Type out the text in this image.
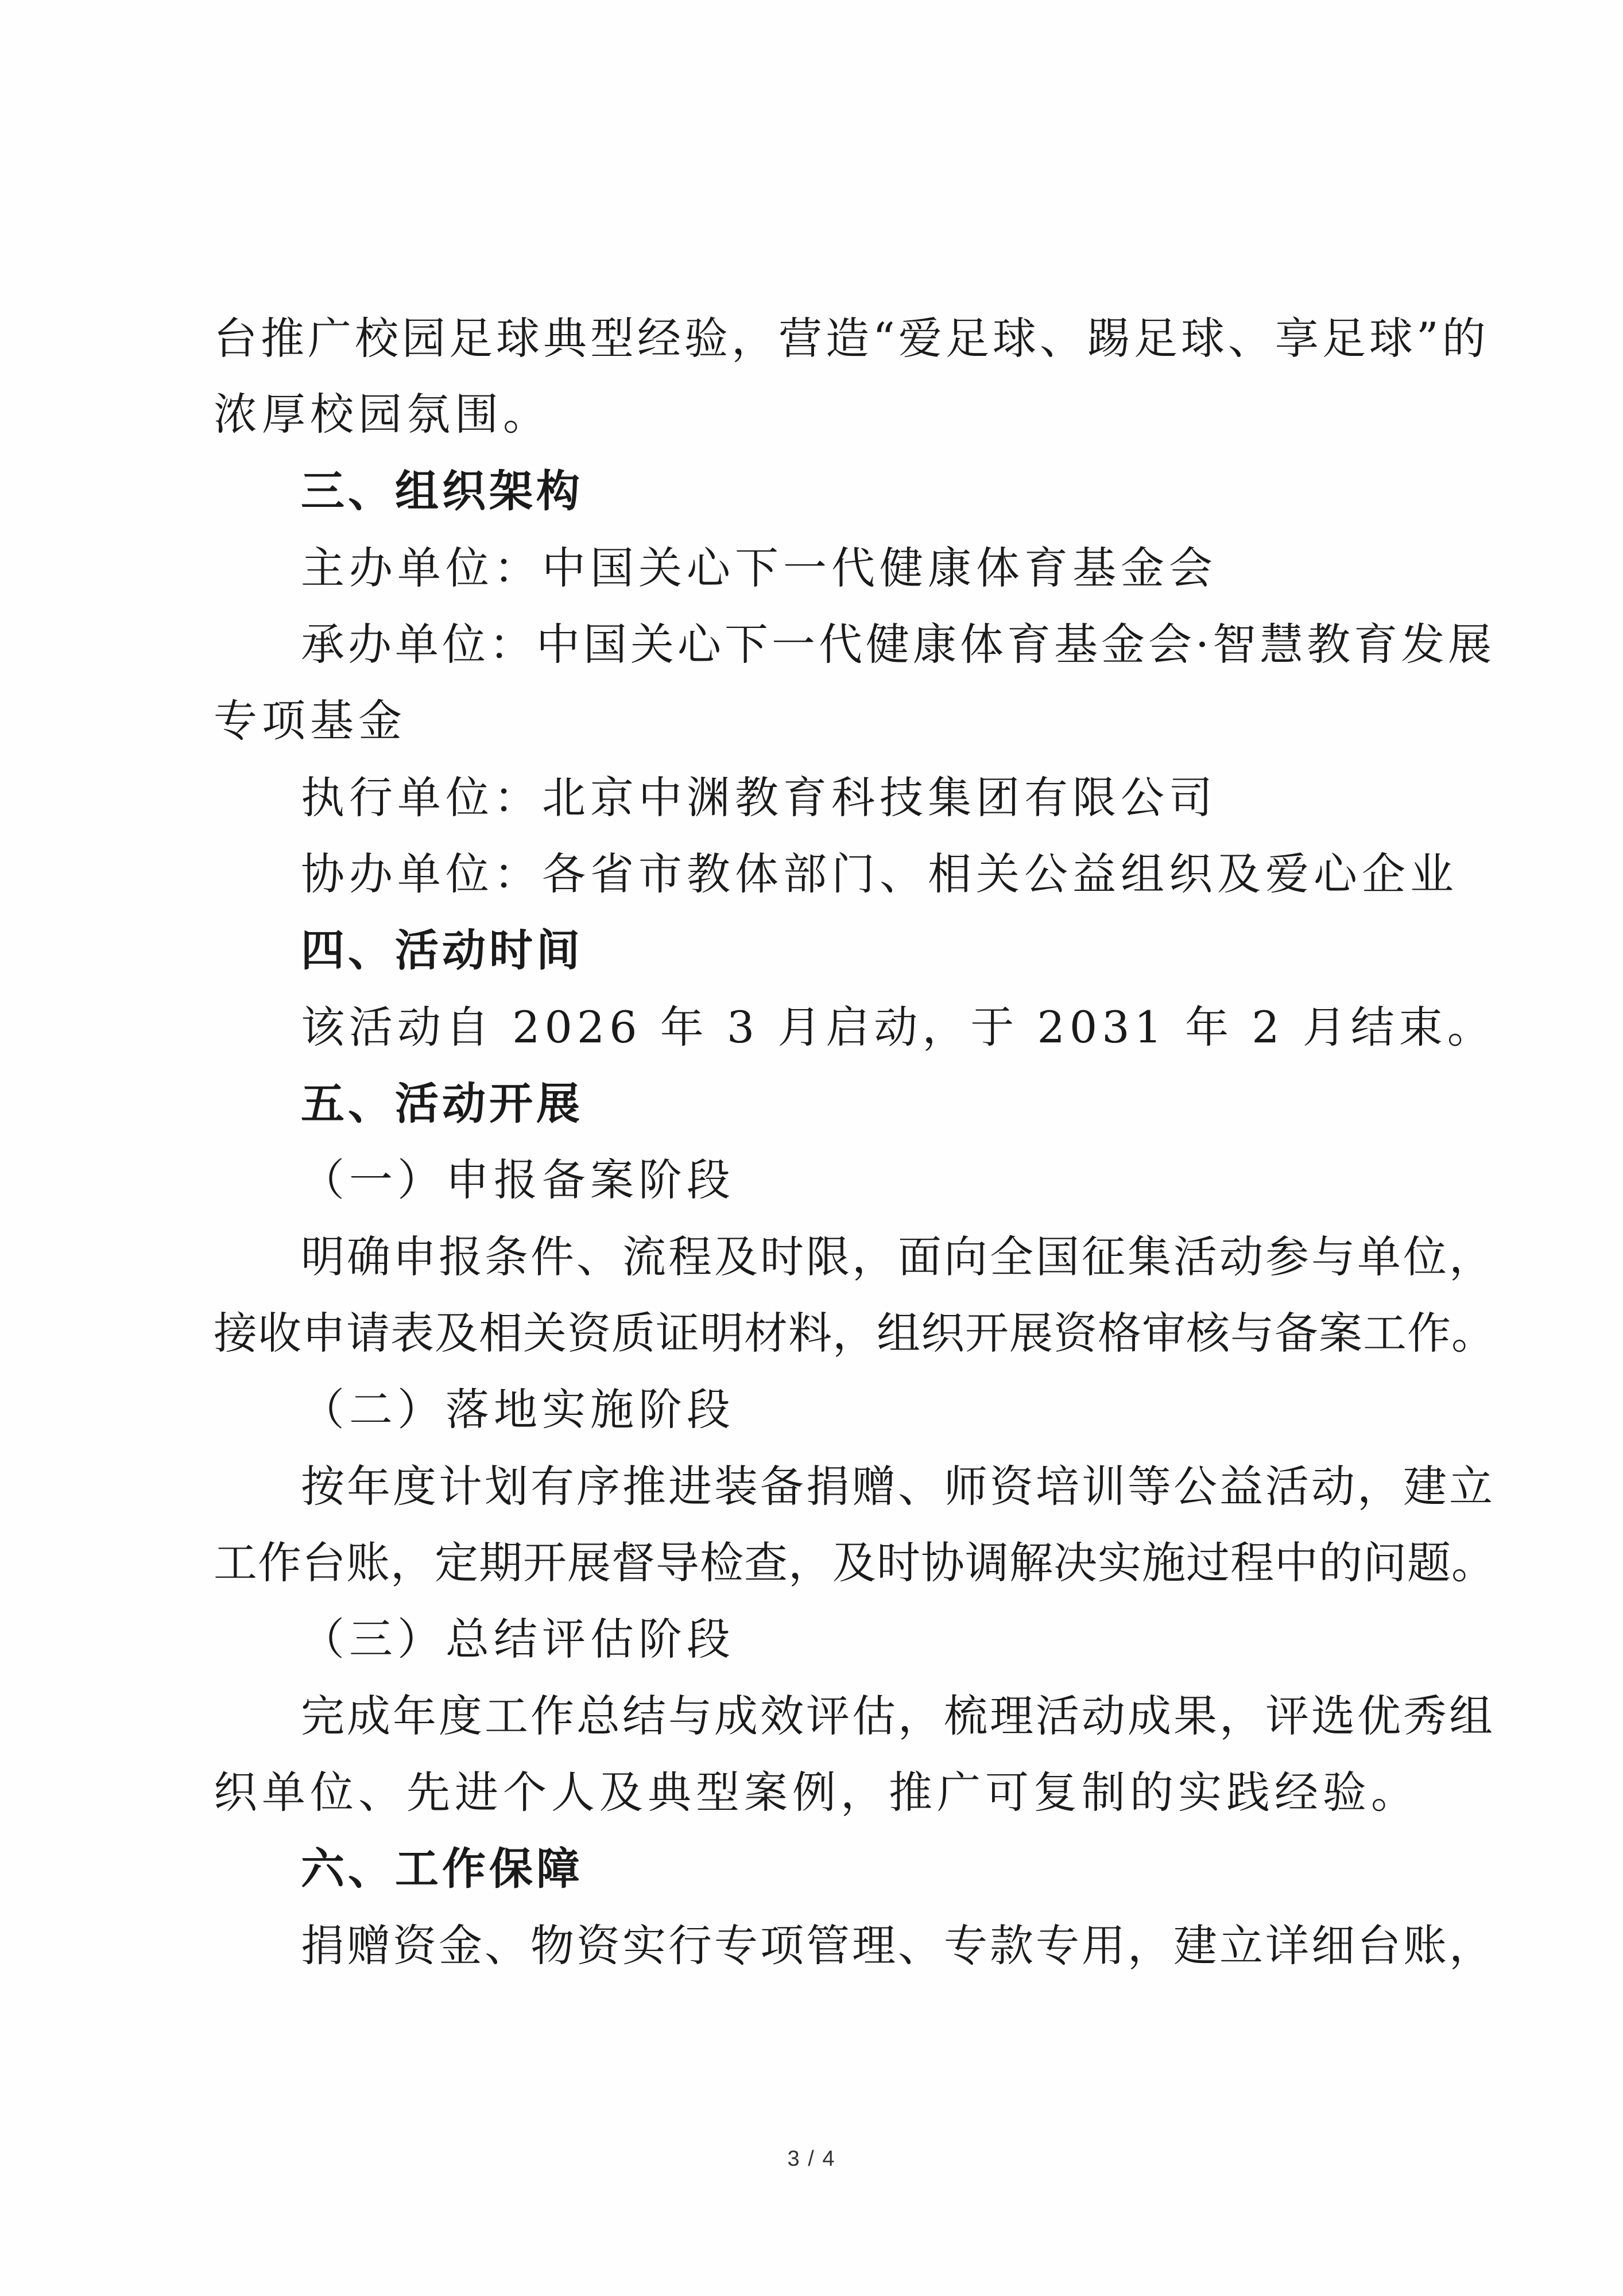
台推广校园足球典型经验，营造“爱足球、踢足球、享足球”的
浓厚校园氛围。
三、组织架构
主办单位：中国关心下一代健康体育基金会
承办单位：中国关心下一代健康体育基金会·智慧教育发展
专项基金
执行单位：北京中渊教育科技集团有限公司
协办单位：各省市教体部门、相关公益组织及爱心企业
四、活动时间
该活动自 2026 年 3 月启动，于 2031 年 2 月结束。
五、活动开展
（一）申报备案阶段
明确申报条件、流程及时限，面向全国征集活动参与单位，
接收申请表及相关资质证明材料，组织开展资格审核与备案工作。
（二）落地实施阶段
按年度计划有序推进装备捐赠、师资培训等公益活动，建立
工作台账，定期开展督导检查，及时协调解决实施过程中的问题。
（三）总结评估阶段
完成年度工作总结与成效评估，梳理活动成果，评选优秀组
织单位、先进个人及典型案例，推广可复制的实践经验。
六、工作保障
捐赠资金、物资实行专项管理、专款专用，建立详细台账，
3 / 4
